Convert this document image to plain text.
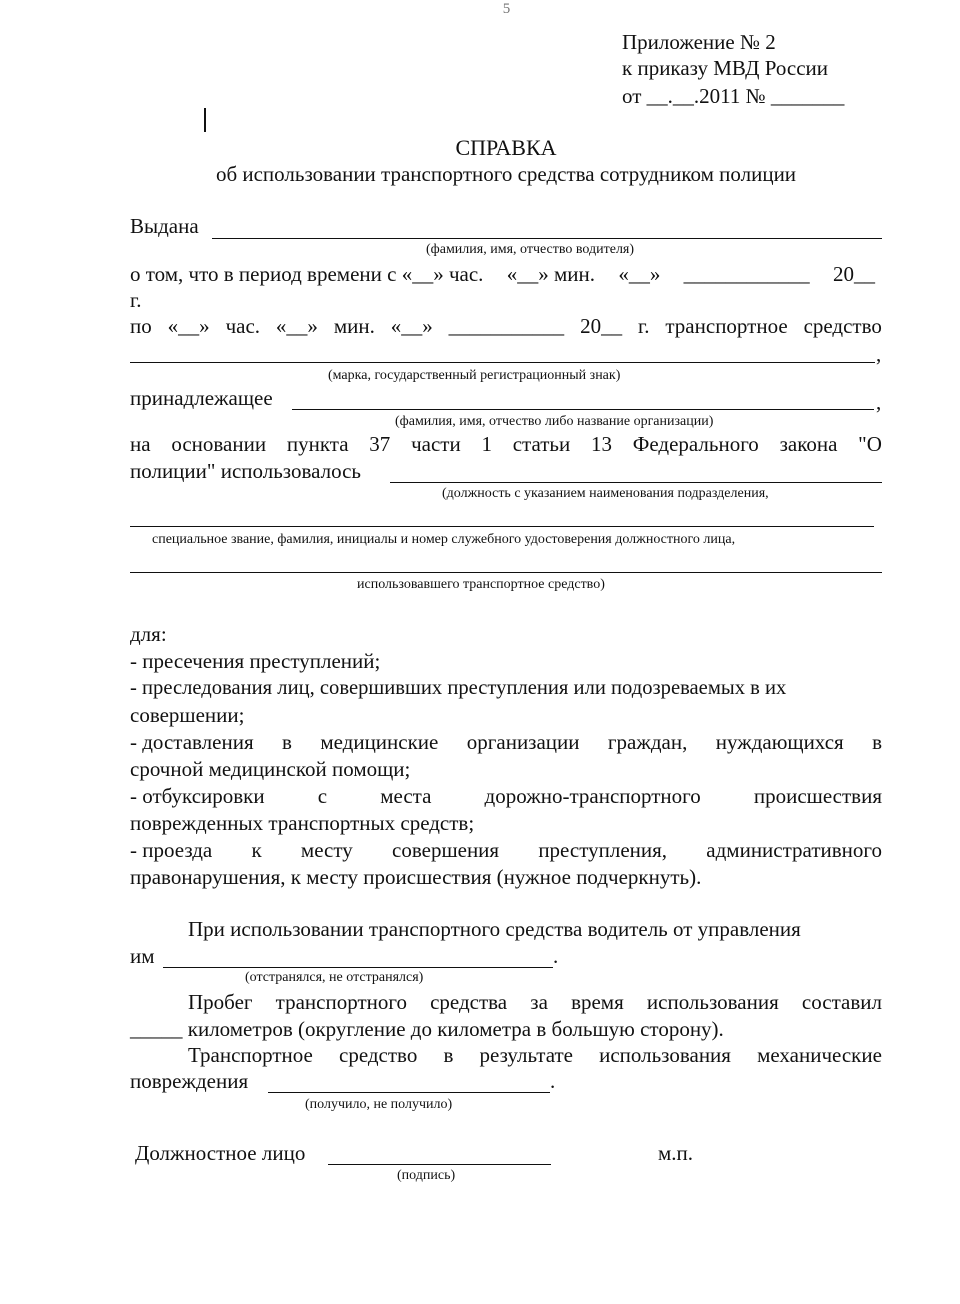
5
Приложение № 2
к приказу МВД России
от __.__.2011 № _______
СПРАВКА
об использовании транспортного средства сотрудником полиции
Выдана
(фамилия, имя, отчество водителя)
о том, что в период времени с «__» час. «__» мин. «__» ____________ 20__
г.
по «__» час. «__» мин. «__» ___________ 20__ г. транспортное средство
,
(марка, государственный регистрационный знак)
принадлежащее	,
(фамилия, имя, отчество либо название организации)
на основании пункта 37 части 1 статьи 13 Федерального закона "О
полиции" использовалось
(должность с указанием наименования подразделения,
специальное звание, фамилия, инициалы и номер служебного удостоверения должностного лица,
использовавшего транспортное средство)
для:
- пресечения преступлений;
- преследования лиц, совершивших преступления или подозреваемых в их
совершении;
- доставления в медицинские организации граждан, нуждающихся в
срочной медицинской помощи;
- отбуксировки	с	места	дорожно-транспортного	происшествия
поврежденных транспортных средств;
- проезда к месту совершения преступления, административного
правонарушения, к месту происшествия (нужное подчеркнуть).
При использовании транспортного средства водитель от управления
им	.
(отстранялся, не отстранялся)
Пробег транспортного средства за время использования составил
_____ километров (округление до километра в большую сторону).
Транспортное средство в результате использования механические
повреждения	.
(получило, не получило)
Должностное лицо	м.п.
(подпись)
